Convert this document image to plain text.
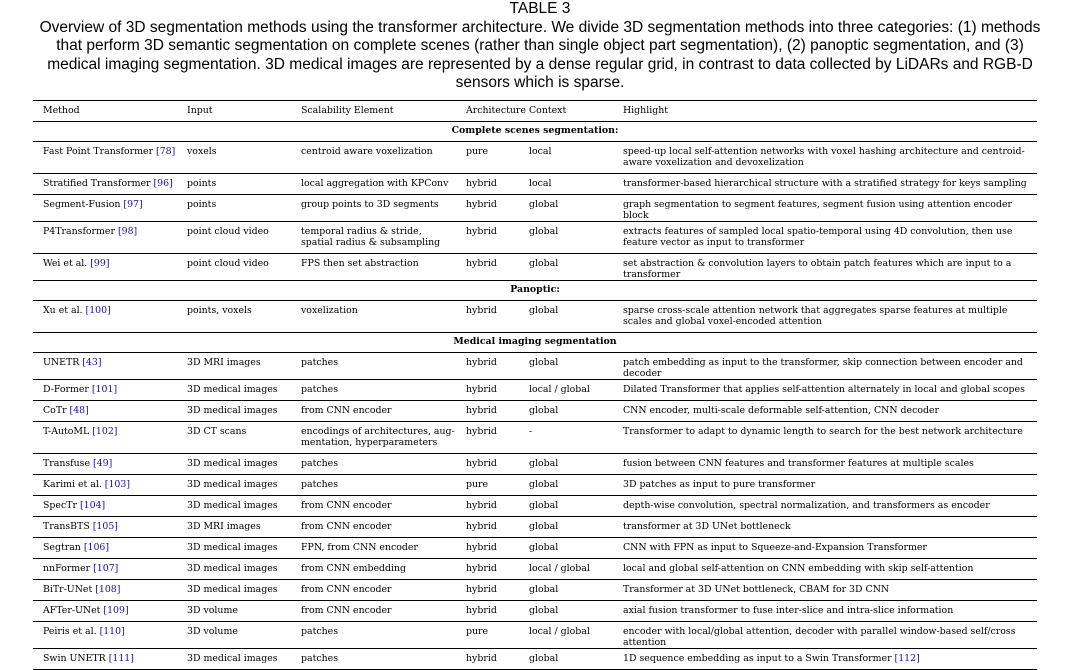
TABLE 3
Overview of 3D segmentation methods using the transformer architecture. We divide 3D segmentation methods into three categories: (1) methods that perform 3D semantic segmentation on complete scenes (rather than single object part segmentation), (2) panoptic segmentation, and (3) medical imaging segmentation. 3D medical images are represented by a dense regular grid, in contrast to data collected by LiDARs and RGB-D sensors which is sparse.
Method	Input	Scalability Element	Architecture	Context	Highlight
Complete scenes segmentation:					
Fast Point Transformer [78]	voxels	centroid aware voxelization	pure	local	speed-up local self-attention networks with voxel hashing architecture and centroid-aware voxelization and devoxelization
Stratified Transformer [96]	points	local aggregation with KPConv	hybrid	local	transformer-based hierarchical structure with a stratified strategy for keys sampling
Segment-Fusion [97]	points	group points to 3D segments	hybrid	global	graph segmentation to segment features, segment fusion using attention encoder block
P4Transformer [98]	point cloud video	temporal radius & stride, spatial radius & subsampling	hybrid	global	extracts features of sampled local spatio-temporal using 4D convolution, then use feature vector as input to transformer
Wei et al. [99]	point cloud video	FPS then set abstraction	hybrid	global	set abstraction & convolution layers to obtain patch features which are input to a transformer
Panoptic:					
Xu et al. [100]	points, voxels	voxelization	hybrid	global	sparse cross-scale attention network that aggregates sparse features at multiple scales and global voxel-encoded attention
Medical imaging segmentation					
UNETR [43]	3D MRI images	patches	hybrid	global	patch embedding as input to the transformer, skip connection between encoder and decoder
D-Former [101]	3D medical images	patches	hybrid	local / global	Dilated Transformer that applies self-attention alternately in local and global scopes
CoTr [48]	3D medical images	from CNN encoder	hybrid	global	CNN encoder, multi-scale deformable self-attention, CNN decoder
T-AutoML [102]	3D CT scans	encodings of architectures, aug- mentation, hyperparameters	hybrid	-	Transformer to adapt to dynamic length to search for the best network architecture
Transfuse [49]	3D medical images	patches	hybrid	global	fusion between CNN features and transformer features at multiple scales
Karimi et al. [103]	3D medical images	patches	pure	global	3D patches as input to pure transformer
SpecTr [104]	3D medical images	from CNN encoder	hybrid	global	depth-wise convolution, spectral normalization, and transformers as encoder
TransBTS [105]	3D MRI images	from CNN encoder	hybrid	global	transformer at 3D UNet bottleneck
Segtran [106]	3D medical images	FPN, from CNN encoder	hybrid	global	CNN with FPN as input to Squeeze-and-Expansion Transformer
nnFormer [107]	3D medical images	from CNN embedding	hybrid	local / global	local and global self-attention on CNN embedding with skip self-attention
BiTr-UNet [108]	3D medical images	from CNN encoder	hybrid	global	Transformer at 3D UNet bottleneck, CBAM for 3D CNN
AFTer-UNet [109]	3D volume	from CNN encoder	hybrid	global	axial fusion transformer to fuse inter-slice and intra-slice information
Peiris et al. [110]	3D volume	patches	pure	local / global	encoder with local/global attention, decoder with parallel window-based self/cross attention
Swin UNETR [111]	3D medical images	patches	hybrid	global	1D sequence embedding as input to a Swin Transformer [112]
